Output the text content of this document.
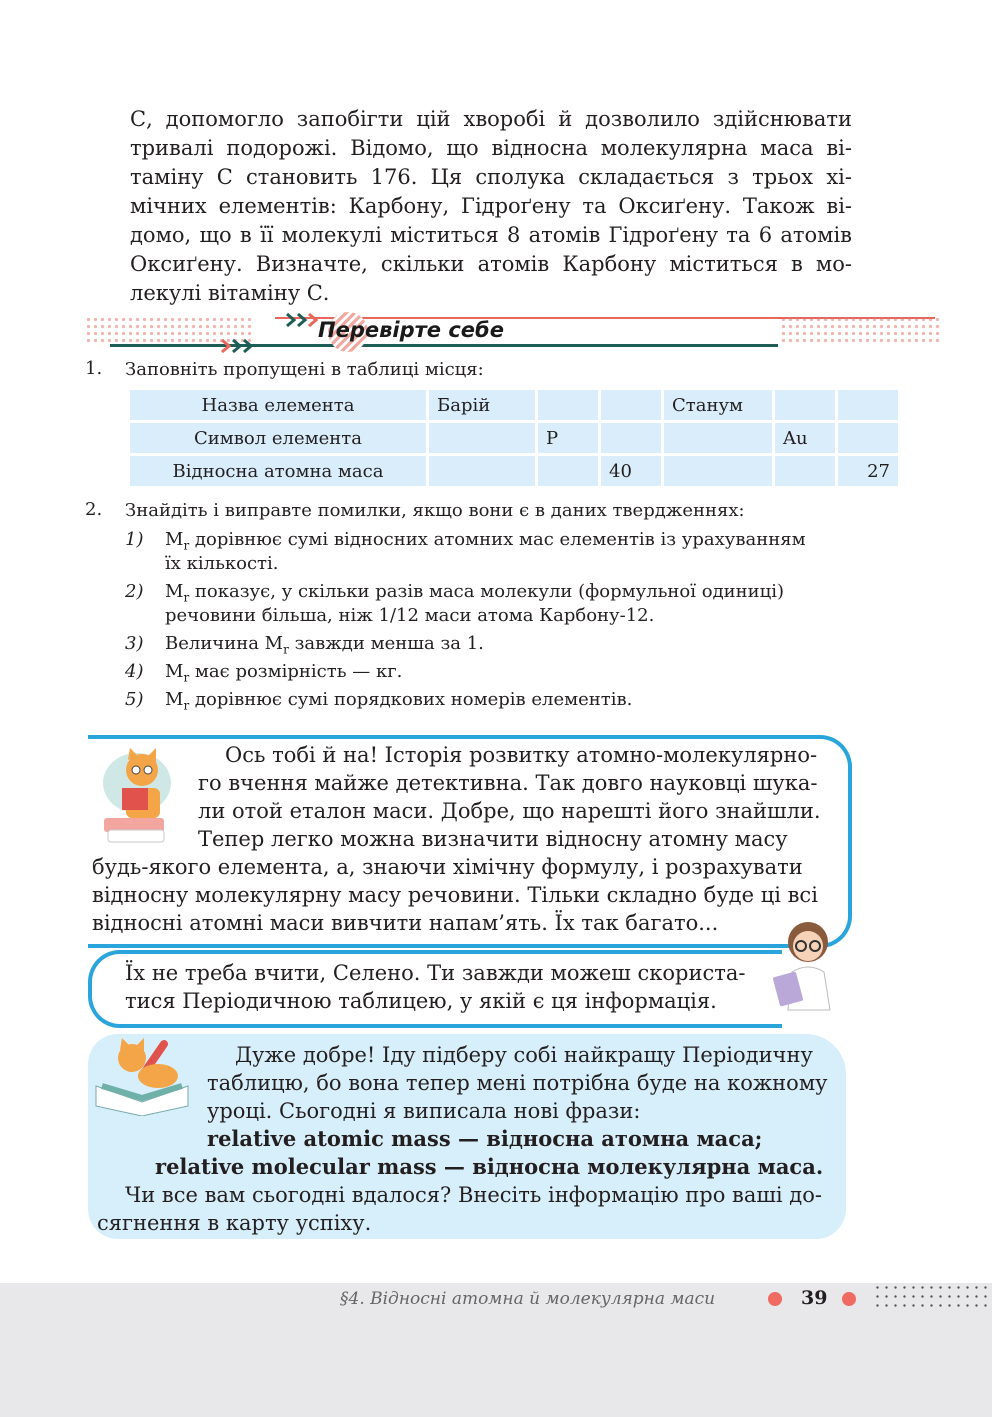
С, допомогло запобігти цій хворобі й дозволило здійснювати
тривалі подорожі. Відомо, що відносна молекулярна маса ві-
таміну С становить 176. Ця сполука складається з трьох хі-
мічних елементів: Карбону, Гідроґену та Оксиґену. Також ві-
домо, що в її молекулі міститься 8 атомів Гідроґену та 6 атомів
Оксиґену. Визначте, скільки атомів Карбону міститься в мо-
лекулі вітаміну С.
Перевірте себе
1. Заповніть пропущені в таблиці місця:
Назва елемента	Барій			Станум		
Символ елемента		P			Au	
Відносна атомна маса			40			27
2. Знайдіть і виправте помилки, якщо вони є в даних твердженнях:
1) $M_r$ дорівнює сумі відносних атомних мас елементів із урахуванням
їх кількості.
2) $M_r$ показує, у скільки разів маса молекули (формульної одиниці)
речовини більша, ніж 1/12 маси атома Карбону-12.
3) Величина $M_r$ завжди менша за 1.
4) $M_r$ має розмірність — кг.
5) $M_r$ дорівнює сумі порядкових номерів елементів.
Ось тобі й на! Історія розвитку атомно-молекулярно-
го вчення майже детективна. Так довго науковці шука-
ли отой еталон маси. Добре, що нарешті його знайшли.
Тепер легко можна визначити відносну атомну масу
будь-якого елемента, а, знаючи хімічну формулу, і розрахувати
відносну молекулярну масу речовини. Тільки складно буде ці всі
відносні атомні маси вивчити напам’ять. Їх так багато...
Їх не треба вчити, Селено. Ти завжди можеш скориста-
тися Періодичною таблицею, у якій є ця інформація.
Дуже добре! Іду підберу собі найкращу Періодичну
таблицю, бо вона тепер мені потрібна буде на кожному
уроці. Сьогодні я виписала нові фрази:
relative atomic mass — відносна атомна маса;
relative molecular mass — відносна молекулярна маса.
Чи все вам сьогодні вдалося? Внесіть інформацію про ваші до-
сягнення в карту успіху.
§4. Відносні атомна й молекулярна маси	39
